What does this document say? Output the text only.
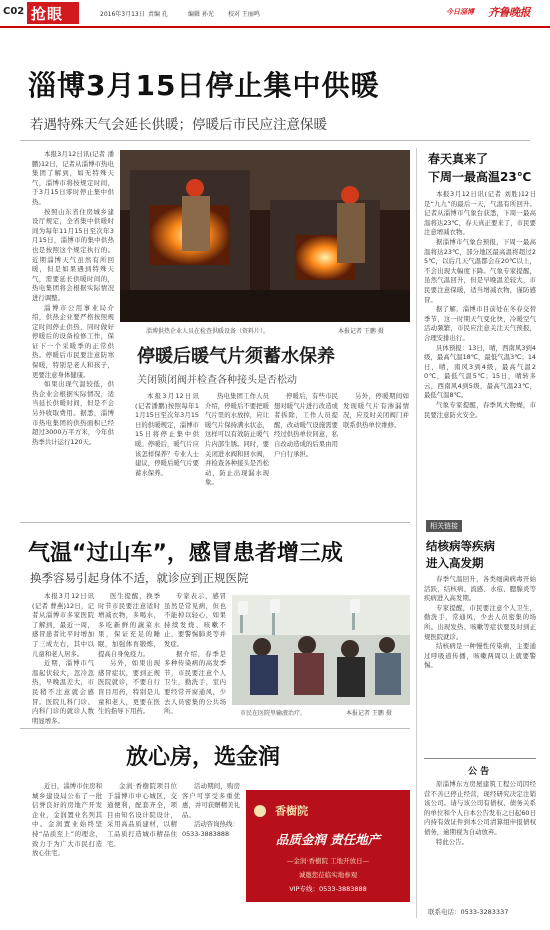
C02 抢眼	2016年3月13日 责编 孔	编辑 孙光 校对 王丽鸣	今日淄博 齐鲁晚报
淄博3月15日停止集中供暖
若遇特殊天气会延长供暖；停暖后市民应注意保暖

本报3月12日讯(记者 潘鹏)12日，记者从淄博市热电集团了解到，如无特殊天气，淄博市将按规定时间，于3月15日零时停止集中供热。

按照山东省住房城乡建设厅规定，全省集中供暖时间为每年11月15日至次年3月15日，淄博市的集中供热也是按照这个规定执行的。近期淄博天气虽然有所回暖，但是如果遇到特殊天气，需要延长供暖时间的，热电集团将会根据实际情况进行调整。

淄博市公用事业局介绍，供热企业要严格按照规定时间停止供热，同时做好停暖后的设备检修工作，保证下一个采暖季的正常供热。停暖后市民要注意防寒保暖，特别是老人和孩子，更要注意身体健康。

如果出现气温较低，供热企业会根据实际情况，适当延长供暖时间，但是不会另外收取费用。据悉，淄博市热电集团的供热面积已经超过3000万平方米，今年供热季共计运行120天。

淄博供热企业人员在检查供暖设备（资料片）。	本报记者 王鹏 摄
停暖后暖气片须蓄水保养
关闭锁闭阀并检查各种接头是否松动

本报3月12日讯(记者潘鹏)按照每年11月15日至次年3月15日的供暖规定，淄博市15日将停止集中供暖。停暖后，暖气片应该怎样保养？专业人士建议，停暖后暖气片要蓄水保养。

热电集团工作人员介绍，停暖后不要把暖气片里的水放掉，应让暖气片保持满水状态，这样可以有效防止暖气片内部生锈。同时，要关闭进水阀和回水阀，并检查各种接头是否松动，防止出现漏水现象。

停暖后，有些市民想对暖气片进行改造或者拆除，工作人员提醒，改动暖气设施需要经过供热单位同意，私自改动造成的后果由用户自行承担。

另外，停暖期间如发现暖气片有渗漏情况，应及时关闭阀门并联系供热单位维修。

春天真来了
下周一最高温23℃

本报3月12日讯(记者 刘胜)12日是“九九”的最后一天，气温有所回升。记者从淄博市气象台获悉，下周一最高温将达23℃，春天真正要来了，市民要注意增减衣物。

据淄博市气象台预报，下周一最高温将达23℃，部分地区最高温将超过25℃，以后几天气温都会在20℃以上，不会出现大幅度下降。气象专家提醒，虽然气温回升，但是早晚温差较大，市民要注意保暖，适当增减衣物，谨防感冒。

据了解，淄博市目前处在冬春交替季节，这一时期天气变化快，冷暖空气活动频繁，市民应注意关注天气预报，合理安排出行。

具体预报：13日，晴，西南风3到4级，最高气温18℃，最低气温3℃；14日，晴，南风3到4级，最高气温20℃，最低气温5℃；15日，晴转多云，西南风4到5级，最高气温23℃，最低气温8℃。

气象专家提醒，春季风大物燥，市民要注意防火安全。

相关链接
结核病等疾病
进入高发期

春季气温回升，各类细菌病毒开始活跃，结核病、流感、水痘、腮腺炎等疾病进入高发期。

专家提醒，市民要注意个人卫生，勤洗手，常通风，少去人员密集的场所。出现发热、咳嗽等症状要及时到正规医院就诊。

结核病是一种慢性传染病，主要通过呼吸道传播，咳嗽两周以上就要警惕。

公 告

原淄博东方房屋建筑工程公司因经营不善已停止经营，现经研究决定注销该公司。请与该公司有债权、债务关系的单位和个人自本公告发布之日起60日内持有效证件到本公司清算组申报债权债务，逾期视为自动放弃。

特此公告。

联系电话：0533-3283337
气温“过山车”，感冒患者增三成
换季容易引起身体不适，就诊应到正规医院

本报3月12日讯(记者 曹燕)12日，记者从淄博市多家医院了解到，最近一周，感冒患者比平时增加了三成左右，其中以儿童和老人居多。

近期，淄博市气温起伏较大，忽冷忽热，早晚温差大，市民稍不注意就会感冒。医院儿科门诊、内科门诊的就诊人数明显增多。

医生提醒，换季时节市民要注意适时增减衣物，多喝水，多吃新鲜的蔬菜水果，保证充足的睡眠，加强体育锻炼，提高自身免疫力。

另外，如果出现感冒症状，要到正规医院就诊，不要自行盲目用药，特别是儿童和老人，更要在医生的指导下用药。

专家表示，感冒虽然是常见病，但也不能掉以轻心，如果持续发烧、咳嗽不止，要警惕肺炎等并发症。

据介绍，春季是多种传染病的高发季节，市民要注意个人卫生，勤洗手，室内要经常开窗通风，少去人员密集的公共场所。	市民在医院里输液治疗。	本报记者 王鹏 摄
放心房，选金润

近日，淄博市住房和城乡建设局公布了一批信誉良好的房地产开发企业，金润置业名列其中。金润置业始终坚持“品质至上”的理念，致力于为广大市民打造放心住宅。

金润·香樹院项目位于淄博市中心城区，交通便利，配套齐全，项目由知名设计院设计，采用高品质建材，以精工品质打造城市精品住宅。

活动期间，购房客户可享受多重优惠，并可获赠精美礼品。

活动咨询热线：

0533-3883888

香樹院
品质金润 责任地产
—金润·香樹院 工地开放日—
诚邀您莅临实地参观
VIP专线：0533-3883888
